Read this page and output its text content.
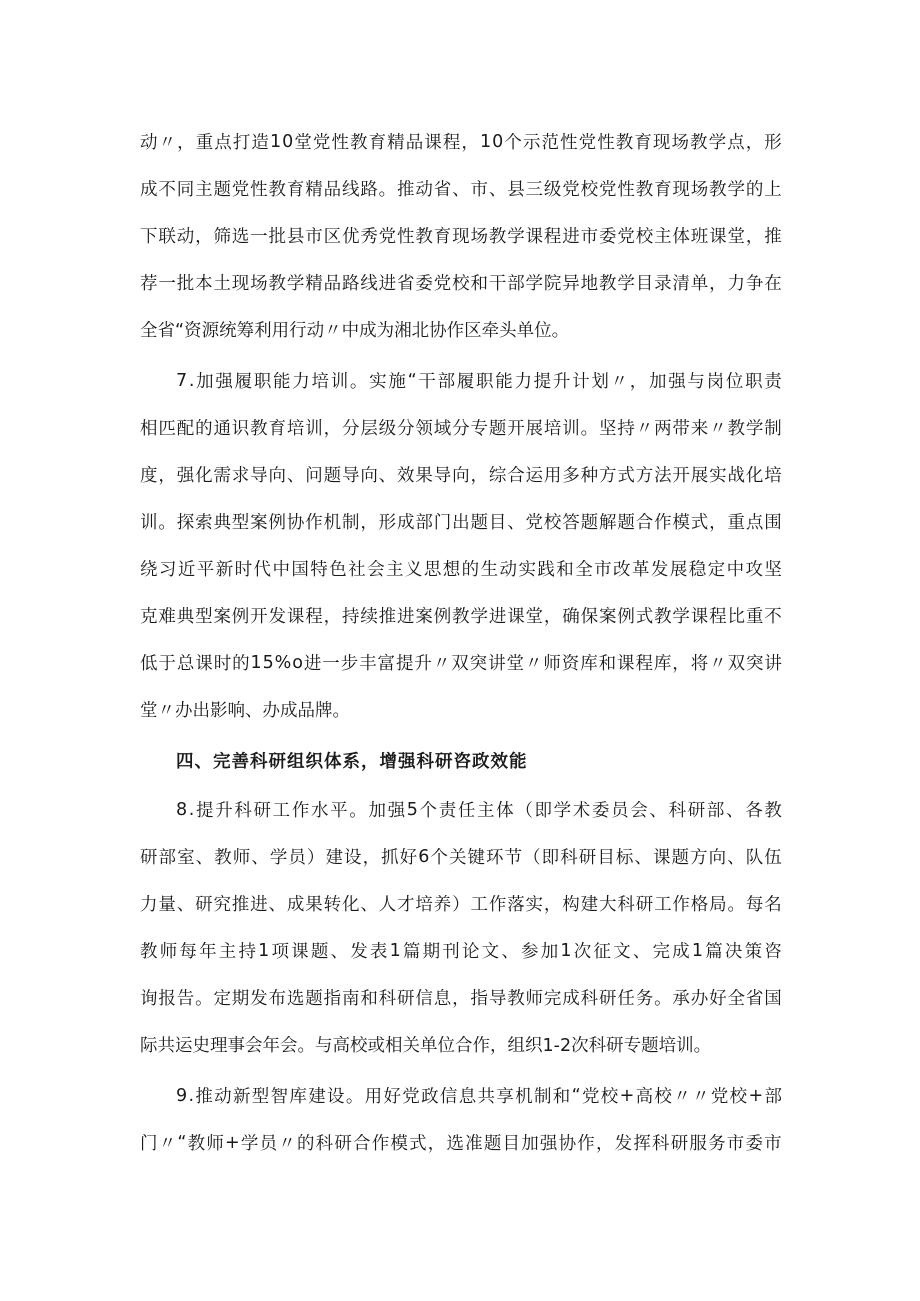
动 〃 ， 重 点 打 造 1 0 堂 党 性 教 育 精 品 课 程 ， 1 0 个 示 范 性 党 性 教 育 现 场 教 学 点 ， 形
成 不 同 主 题 党 性 教 育 精 品 线 路 。 推 动 省 、 市 、 县 三 级 党 校 党 性 教 育 现 场 教 学 的 上
下 联 动 ， 筛 选 一 批 县 市 区 优 秀 党 性 教 育 现 场 教 学 课 程 进 市 委 党 校 主 体 班 课 堂 ， 推
荐 一 批 本 土 现 场 教 学 精 品 路 线 进 省 委 党 校 和 干 部 学 院 异 地 教 学 目 录 清 单 ， 力 争 在
全省“资源统筹利用行动〃中成为湘北协作区牵头单位。
7 . 加 强 履 职 能 力 培 训 。 实 施 “ 干 部 履 职 能 力 提 升 计 划 〃 ， 加 强 与 岗 位 职 责
相 匹 配 的 通 识 教 育 培 训 ， 分 层 级 分 领 域 分 专 题 开 展 培 训 。 坚 持 〃 两 带 来 〃 教 学 制
度 ， 强 化 需 求 导 向 、 问 题 导 向 、 效 果 导 向 ， 综 合 运 用 多 种 方 式 方 法 开 展 实 战 化 培
训 。 探 索 典 型 案 例 协 作 机 制 ， 形 成 部 门 出 题 目 、 党 校 答 题 解 题 合 作 模 式 ， 重 点 围
绕 习 近 平 新 时 代 中 国 特 色 社 会 主 义 思 想 的 生 动 实 践 和 全 市 改 革 发 展 稳 定 中 攻 坚
克 难 典 型 案 例 开 发 课 程 ， 持 续 推 进 案 例 教 学 进 课 堂 ， 确 保 案 例 式 教 学 课 程 比 重 不
低 于 总 课 时 的 1 5 % o 进 一 步 丰 富 提 升 〃 双 突 讲 堂 〃 师 资 库 和 课 程 库 ， 将 〃 双 突 讲
堂〃办出影响、办成品牌。
四、完善科研组织体系，增强科研咨政效能
8 . 提 升 科 研 工 作 水 平 。 加 强 5 个 责 任 主 体 （ 即 学 术 委 员 会 、 科 研 部 、 各 教
研 部 室 、 教 师 、 学 员 ） 建 设 ， 抓 好 6 个 关 键 环 节 （ 即 科 研 目 标 、 课 题 方 向 、 队 伍
力 量 、 研 究 推 进 、 成 果 转 化 、 人 才 培 养 ） 工 作 落 实 ， 构 建 大 科 研 工 作 格 局 。 每 名
教 师 每 年 主 持 1 项 课 题 、 发 表 1 篇 期 刊 论 文 、 参 加 1 次 征 文 、 完 成 1 篇 决 策 咨
询 报 告 。 定 期 发 布 选 题 指 南 和 科 研 信 息 ， 指 导 教 师 完 成 科 研 任 务 。 承 办 好 全 省 国
际共运史理事会年会。与高校或相关单位合作，组织1-2次科研专题培训。
9 . 推 动 新 型 智 库 建 设 。 用 好 党 政 信 息 共 享 机 制 和 “ 党 校 + 高 校 〃 〃 党 校 + 部
门 〃 “ 教 师 + 学 员 〃 的 科 研 合 作 模 式 ， 选 准 题 目 加 强 协 作 ， 发 挥 科 研 服 务 市 委 市
